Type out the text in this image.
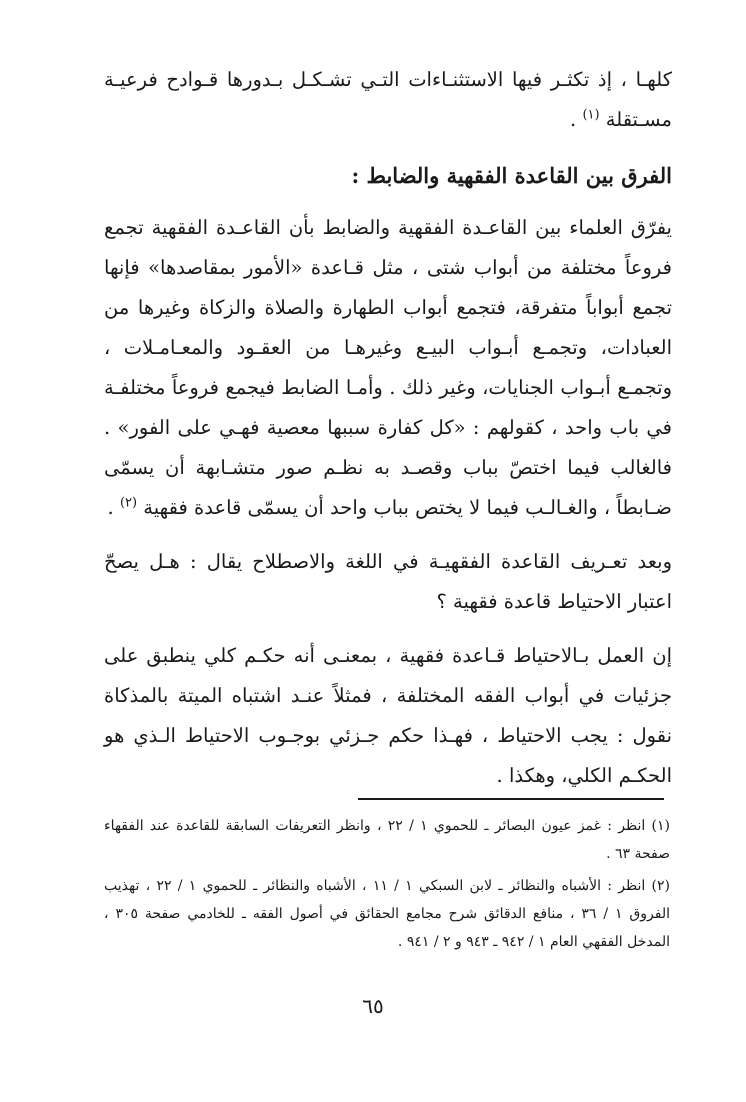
كلهـا ، إذ تكثـر فيها الاستثنـاءات التـي تشـكـل بـدورها قـوادح فرعيـة مسـتقلة $^{(١)}$ .

الفرق بين القاعدة الفقهية والضابط :

يفرّق العلماء بين القاعـدة الفقهية والضابط بأن القاعـدة الفقهية تجمع فروعاً مختلفة من أبواب شتى ، مثل قـاعدة «الأمور بمقاصدها» فإنها تجمع أبواباً متفرقة، فتجمع أبواب الطهارة والصلاة والزكاة وغيرها من العبادات، وتجمـع أبـواب البيـع وغيرهـا من العقـود والمعـامـلات ، وتجمـع أبـواب الجنايات، وغير ذلك . وأمـا الضابط فيجمع فروعاً مختلفـة في باب واحد ، كقولهم : «كل كفارة سببها معصية فهـي على الفور» . فالغالب فيما اختصّ بباب وقصـد به نظـم صور متشـابهة أن يسمّى ضـابطاً ، والغـالـب فيما لا يختص بباب واحد أن يسمّى قاعدة فقهية $^{(٢)}$ .

وبعد تعـريف القاعدة الفقهيـة في اللغة والاصطلاح يقال : هـل يصحّ اعتبار الاحتياط قاعدة فقهية ؟

إن العمل بـالاحتياط قـاعدة فقهية ، بمعنـى أنه حكـم كلي ينطبق على جزئيات في أبواب الفقه المختلفة ، فمثلاً عنـد اشتباه الميتة بالمذكاة نقول : يجب الاحتياط ، فهـذا حكم جـزئي بوجـوب الاحتياط الـذي هو الحكـم الكلي، وهكذا .

(١) انظر : غمز عيون البصائر ـ للحموي ١ / ٢٢ ، وانظر التعريفات السابقة للقاعدة عند الفقهاء صفحة ٦٣ .

(٢) انظر : الأشباه والنظائر ـ لابن السبكي ١ / ١١ ، الأشباه والنظائر ـ للحموي ١ / ٢٢ ، تهذيب الفروق ١ / ٣٦ ، منافع الدقائق شرح مجامع الحقائق في أصول الفقه ـ للخادمي صفحة ٣٠٥ ، المدخل الفقهي العام ١ / ٩٤٢ ـ ٩٤٣ و ٢ / ٩٤١ .

٦٥
